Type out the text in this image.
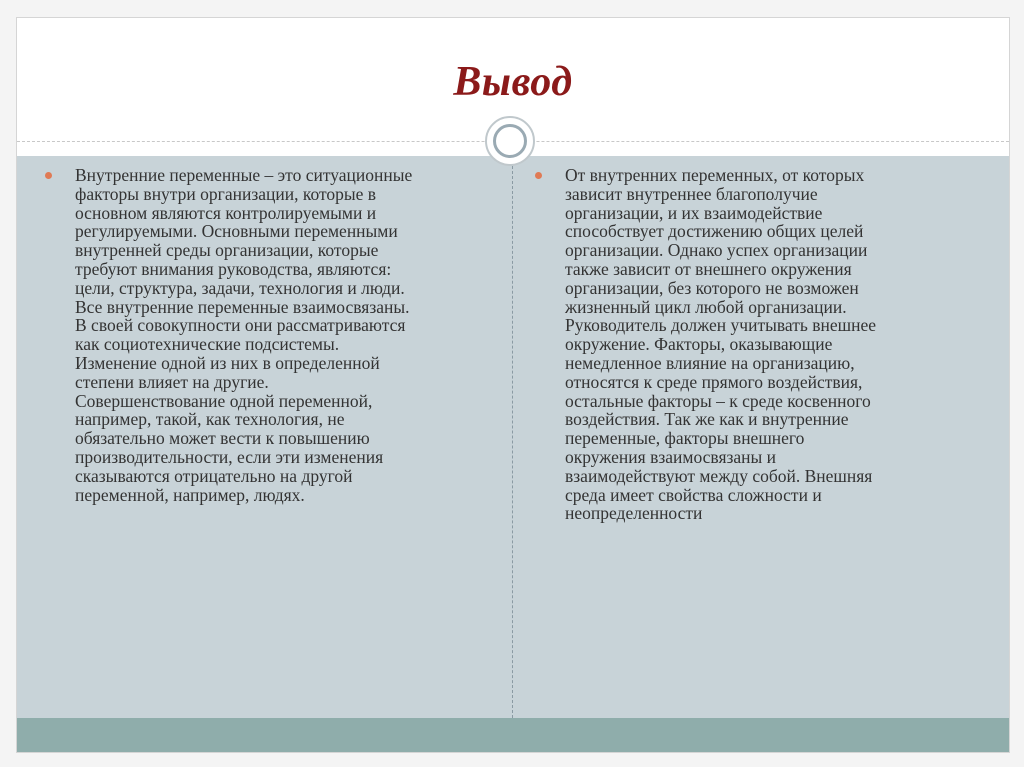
Вывод
Внутренние переменные – это ситуационные
факторы внутри организации, которые в
основном являются контролируемыми и
регулируемыми. Основными переменными
внутренней среды организации, которые
требуют внимания руководства, являются:
цели, структура, задачи, технология и люди.
Все внутренние переменные взаимосвязаны.
В своей совокупности они рассматриваются
как социотехнические подсистемы.
Изменение одной из них в определенной
степени влияет на другие.
Совершенствование одной переменной,
например, такой, как технология, не
обязательно может вести к повышению
производительности, если эти изменения
сказываются отрицательно на другой
переменной, например, людях.
От внутренних переменных, от которых
зависит внутреннее благополучие
организации, и их взаимодействие
способствует достижению общих целей
организации. Однако успех организации
также зависит от внешнего окружения
организации, без которого не возможен
жизненный цикл любой организации.
Руководитель должен учитывать внешнее
окружение. Факторы, оказывающие
немедленное влияние на организацию,
относятся к среде прямого воздействия,
остальные факторы – к среде косвенного
воздействия. Так же как и внутренние
переменные, факторы внешнего
окружения взаимосвязаны и
взаимодействуют между собой. Внешняя
среда имеет свойства сложности и
неопределенности
